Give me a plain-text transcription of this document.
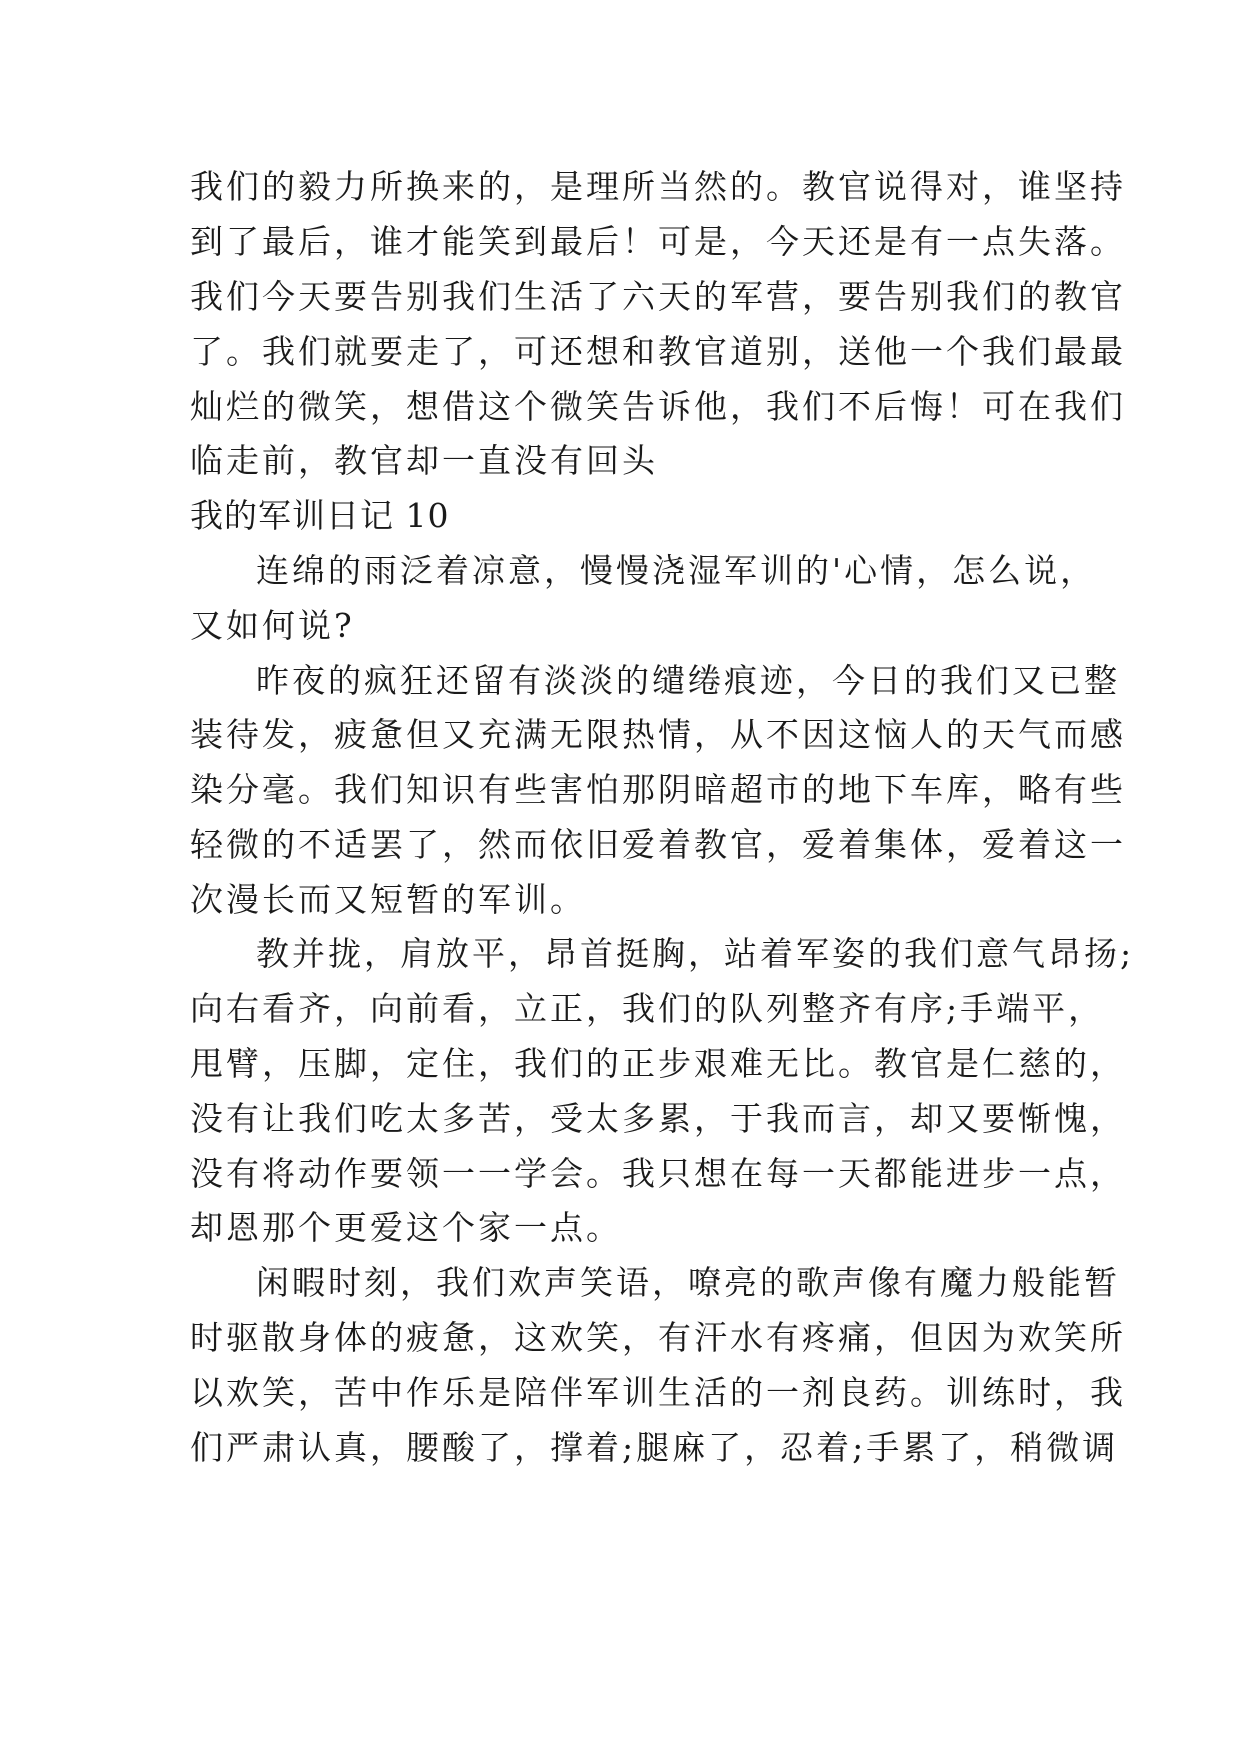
我们的毅力所换来的，是理所当然的。教官说得对，谁坚持
到了最后，谁才能笑到最后！可是，今天还是有一点失落。
我们今天要告别我们生活了六天的军营，要告别我们的教官
了。我们就要走了，可还想和教官道别，送他一个我们最最
灿烂的微笑，想借这个微笑告诉他，我们不后悔！可在我们
临走前，教官却一直没有回头
我的军训日记 10
连绵的雨泛着凉意，慢慢浇湿军训的'心情，怎么说，
又如何说?
昨夜的疯狂还留有淡淡的缱绻痕迹，今日的我们又已整
装待发，疲惫但又充满无限热情，从不因这恼人的天气而感
染分毫。我们知识有些害怕那阴暗超市的地下车库，略有些
轻微的不适罢了，然而依旧爱着教官，爱着集体，爱着这一
次漫长而又短暂的军训。
教并拢，肩放平，昂首挺胸，站着军姿的我们意气昂扬;
向右看齐，向前看，立正，我们的队列整齐有序;手端平，
甩臂，压脚，定住，我们的正步艰难无比。教官是仁慈的，
没有让我们吃太多苦，受太多累，于我而言，却又要惭愧，
没有将动作要领一一学会。我只想在每一天都能进步一点，
却恩那个更爱这个家一点。
闲暇时刻，我们欢声笑语，嘹亮的歌声像有魔力般能暂
时驱散身体的疲惫，这欢笑，有汗水有疼痛，但因为欢笑所
以欢笑，苦中作乐是陪伴军训生活的一剂良药。训练时，我
们严肃认真，腰酸了，撑着;腿麻了，忍着;手累了，稍微调
